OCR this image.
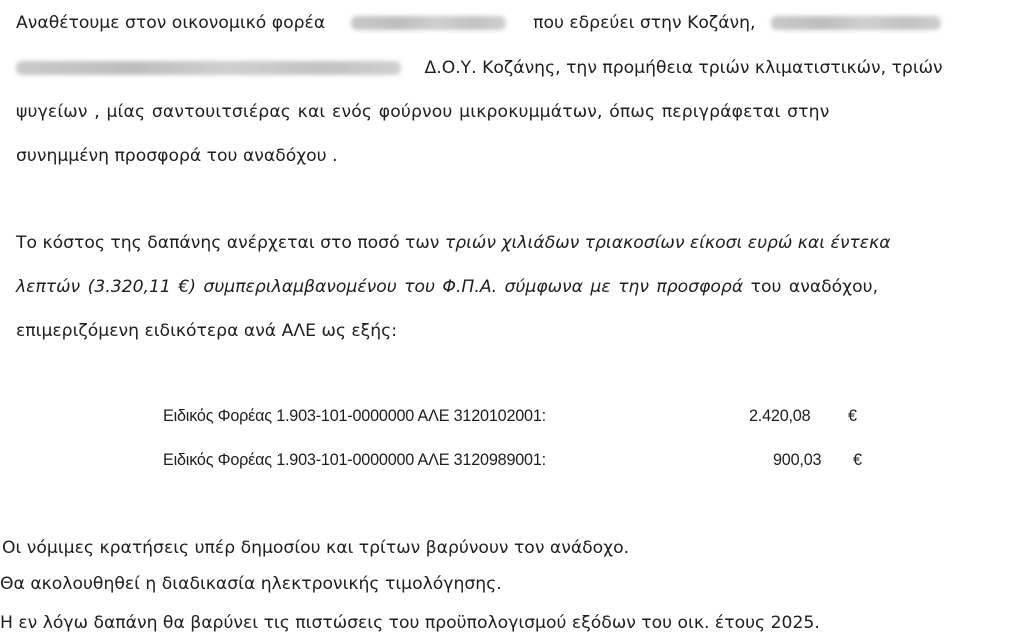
Αναθέτουμε στον οικονομικό φορέα	που εδρεύει στην Κοζάνη,
Δ.Ο.Υ. Κοζάνης, την προμήθεια τριών κλιματιστικών, τριών
ψυγείων , μίας σαντουιτσιέρας και ενός φούρνου μικροκυμμάτων, όπως περιγράφεται στην
συνημμένη προσφορά του αναδόχου .
Το κόστος της δαπάνης ανέρχεται στο ποσό των τριών χιλιάδων τριακοσίων είκοσι ευρώ και έντεκα
λεπτών (3.320,11 €) συμπεριλαμβανομένου του Φ.Π.Α. σύμφωνα με την προσφορά του αναδόχου,
επιμεριζόμενη ειδικότερα ανά ΑΛΕ ως εξής:
Ειδικός Φορέας 1.903-101-0000000 ΑΛΕ 3120102001:	2.420,08 €
Ειδικός Φορέας 1.903-101-0000000 ΑΛΕ 3120989001:	900,03 €
Οι νόμιμες κρατήσεις υπέρ δημοσίου και τρίτων βαρύνουν τον ανάδοχο.
Θα ακολουθηθεί η διαδικασία ηλεκτρονικής τιμολόγησης.
Η εν λόγω δαπάνη θα βαρύνει τις πιστώσεις του προϋπολογισμού εξόδων του οικ. έτους 2025.
